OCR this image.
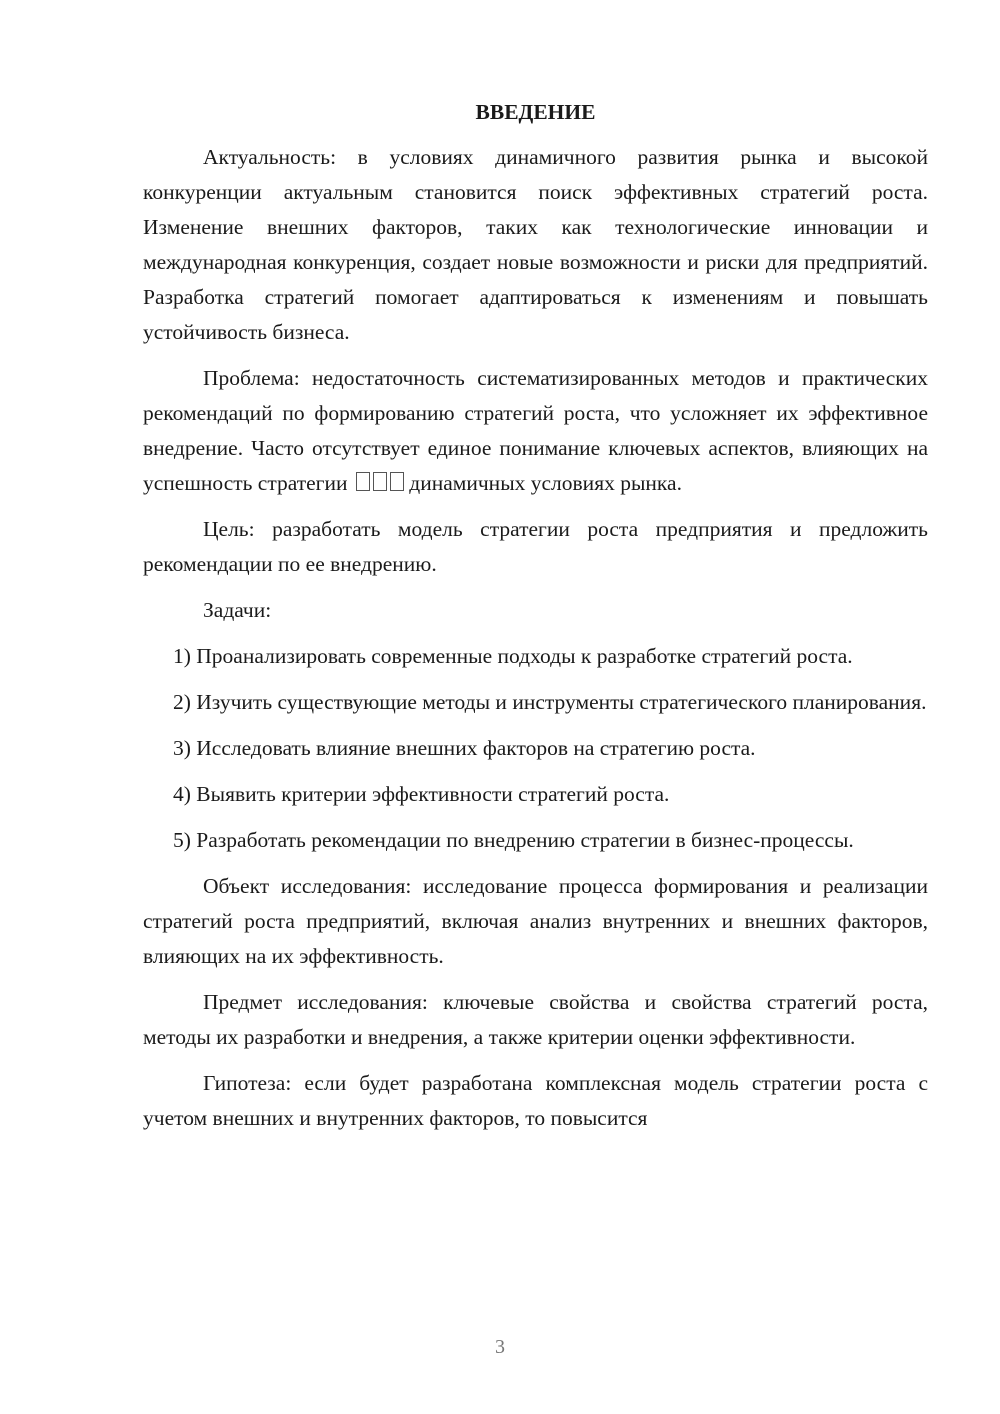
ВВЕДЕНИЕ

Актуальность: в условиях динамичного развития рынка и высокой конкуренции актуальным становится поиск эффективных стратегий роста. Изменение внешних факторов, таких как технологические инновации и международная конкуренция, создает новые возможности и риски для предприятий. Разработка стратегий помогает адаптироваться к изменениям и повышать устойчивость бизнеса.

Проблема: недостаточность систематизированных методов и практических рекомендаций по формированию стратегий роста, что усложняет их эффективное внедрение. Часто отсутствует единое понимание ключевых аспектов, влияющих на успешность стратегии	динамичных условиях рынка.

Цель: разработать модель стратегии роста предприятия и предложить рекомендации по ее внедрению.

Задачи:

1) Проанализировать современные подходы к разработке стратегий роста.

2) Изучить существующие методы и инструменты стратегического планирования.

3) Исследовать влияние внешних факторов на стратегию роста.

4) Выявить критерии эффективности стратегий роста.

5) Разработать рекомендации по внедрению стратегии в бизнес-процессы.

Объект исследования: исследование процесса формирования и реализации стратегий роста предприятий, включая анализ внутренних и внешних факторов, влияющих на их эффективность.

Предмет исследования: ключевые свойства и свойства стратегий роста, методы их разработки и внедрения, а также критерии оценки эффективности.

Гипотеза: если будет разработана комплексная модель стратегии роста с учетом внешних и внутренних факторов, то повысится

3
